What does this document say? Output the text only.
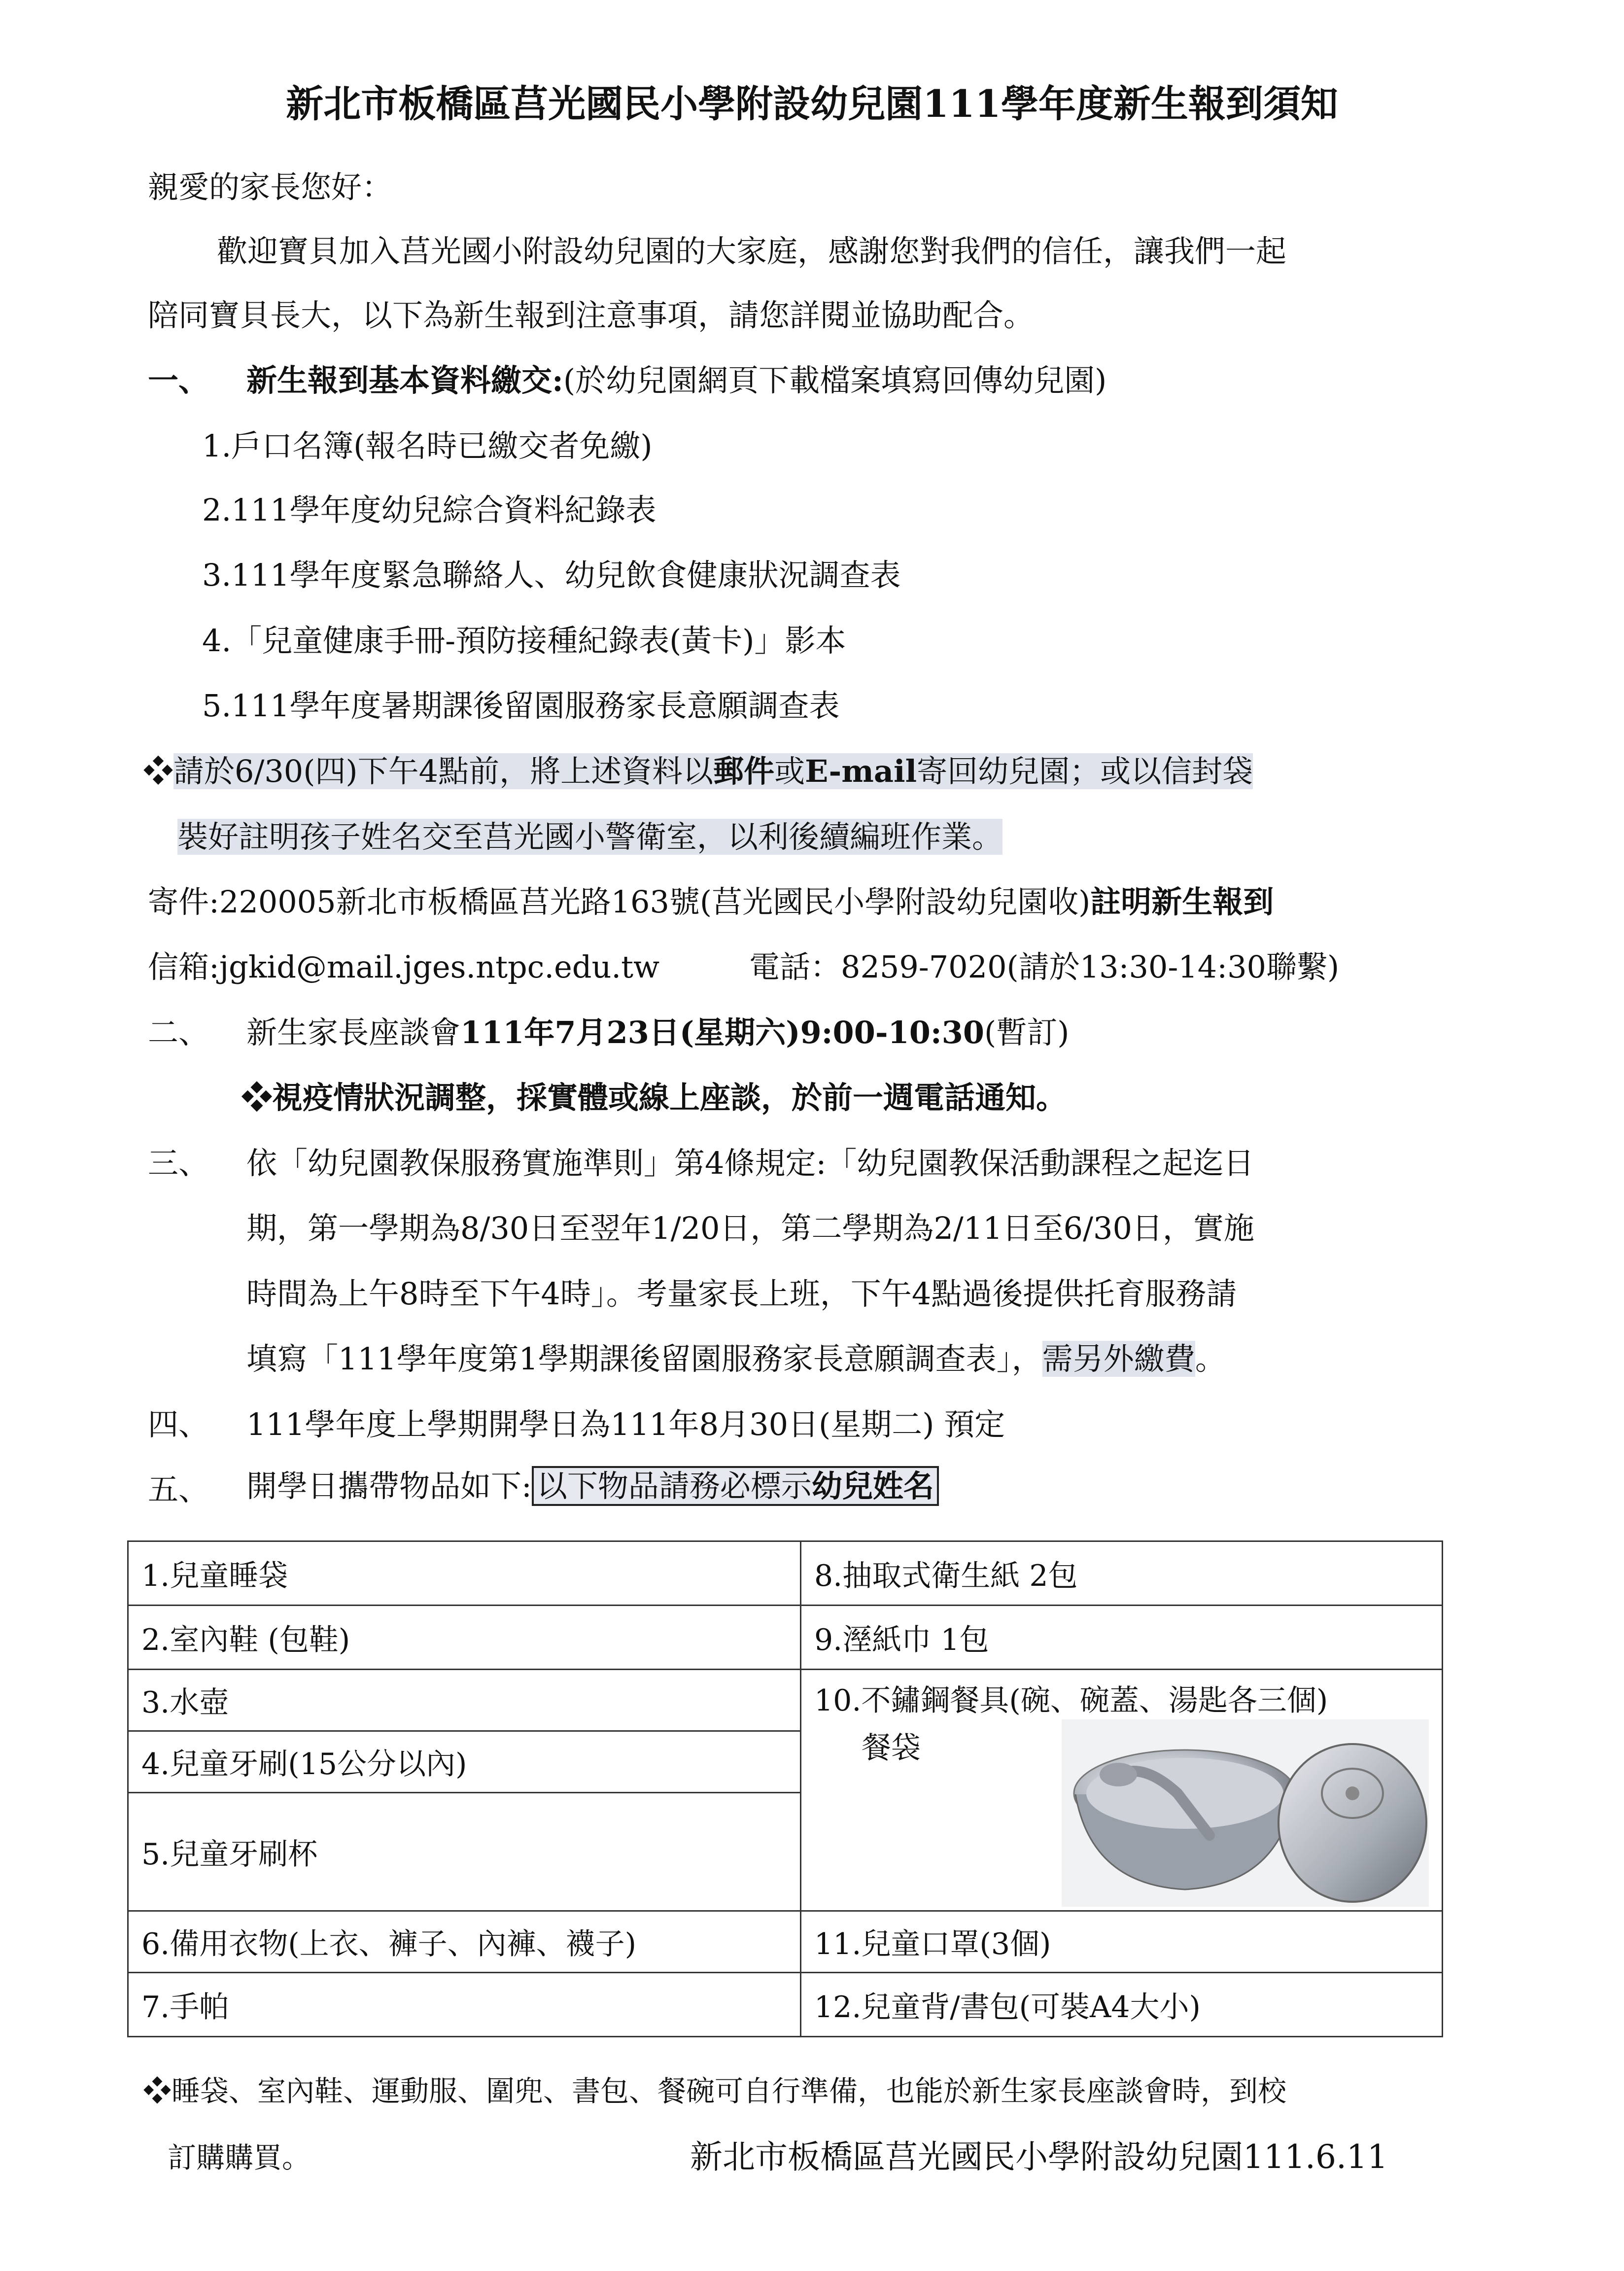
新北市板橋區莒光國民小學附設幼兒園111學年度新生報到須知
親愛的家長您好：
歡迎寶貝加入莒光國小附設幼兒園的大家庭，感謝您對我們的信任，讓我們一起
陪同寶貝長大，以下為新生報到注意事項，請您詳閱並協助配合。
一、 新生報到基本資料繳交:(於幼兒園網頁下載檔案填寫回傳幼兒園)
1.戶口名簿(報名時已繳交者免繳)
2.111學年度幼兒綜合資料紀錄表
3.111學年度緊急聯絡人、幼兒飲食健康狀況調查表
4.「兒童健康手冊-預防接種紀錄表(黃卡)」影本
5.111學年度暑期課後留園服務家長意願調查表
❖請於6/30(四)下午4點前，將上述資料以郵件或E-mail寄回幼兒園；或以信封袋
裝好註明孩子姓名交至莒光國小警衛室，以利後續編班作業。
寄件:220005新北市板橋區莒光路163號(莒光國民小學附設幼兒園收)註明新生報到
信箱:jgkid@mail.jges.ntpc.edu.tw	電話：8259-7020(請於13:30-14:30聯繫)
二、 新生家長座談會111年7月23日(星期六)9:00-10:30(暫訂)
❖視疫情狀況調整，採實體或線上座談，於前一週電話通知。
三、 依「幼兒園教保服務實施準則」第4條規定:「幼兒園教保活動課程之起迄日
期，第一學期為8/30日至翌年1/20日，第二學期為2/11日至6/30日，實施
時間為上午8時至下午4時」。考量家長上班，下午4點過後提供托育服務請
填寫「111學年度第1學期課後留園服務家長意願調查表」，需另外繳費。
四、 111學年度上學期開學日為111年8月30日(星期二) 預定
五、 開學日攜帶物品如下: 以下物品請務必標示幼兒姓名
1.兒童睡袋	8.抽取式衛生紙 2包
2.室內鞋 (包鞋)	9.溼紙巾 1包
3.水壺	10.不鏽鋼餐具(碗、碗蓋、湯匙各三個)
餐袋

4.兒童牙刷(15公分以內)	
5.兒童牙刷杯	
6.備用衣物(上衣、褲子、內褲、襪子)	11.兒童口罩(3個)
7.手帕	12.兒童背/書包(可裝A4大小)
❖睡袋、室內鞋、運動服、圍兜、書包、餐碗可自行準備，也能於新生家長座談會時，到校
訂購購買。	新北市板橋區莒光國民小學附設幼兒園111.6.11
